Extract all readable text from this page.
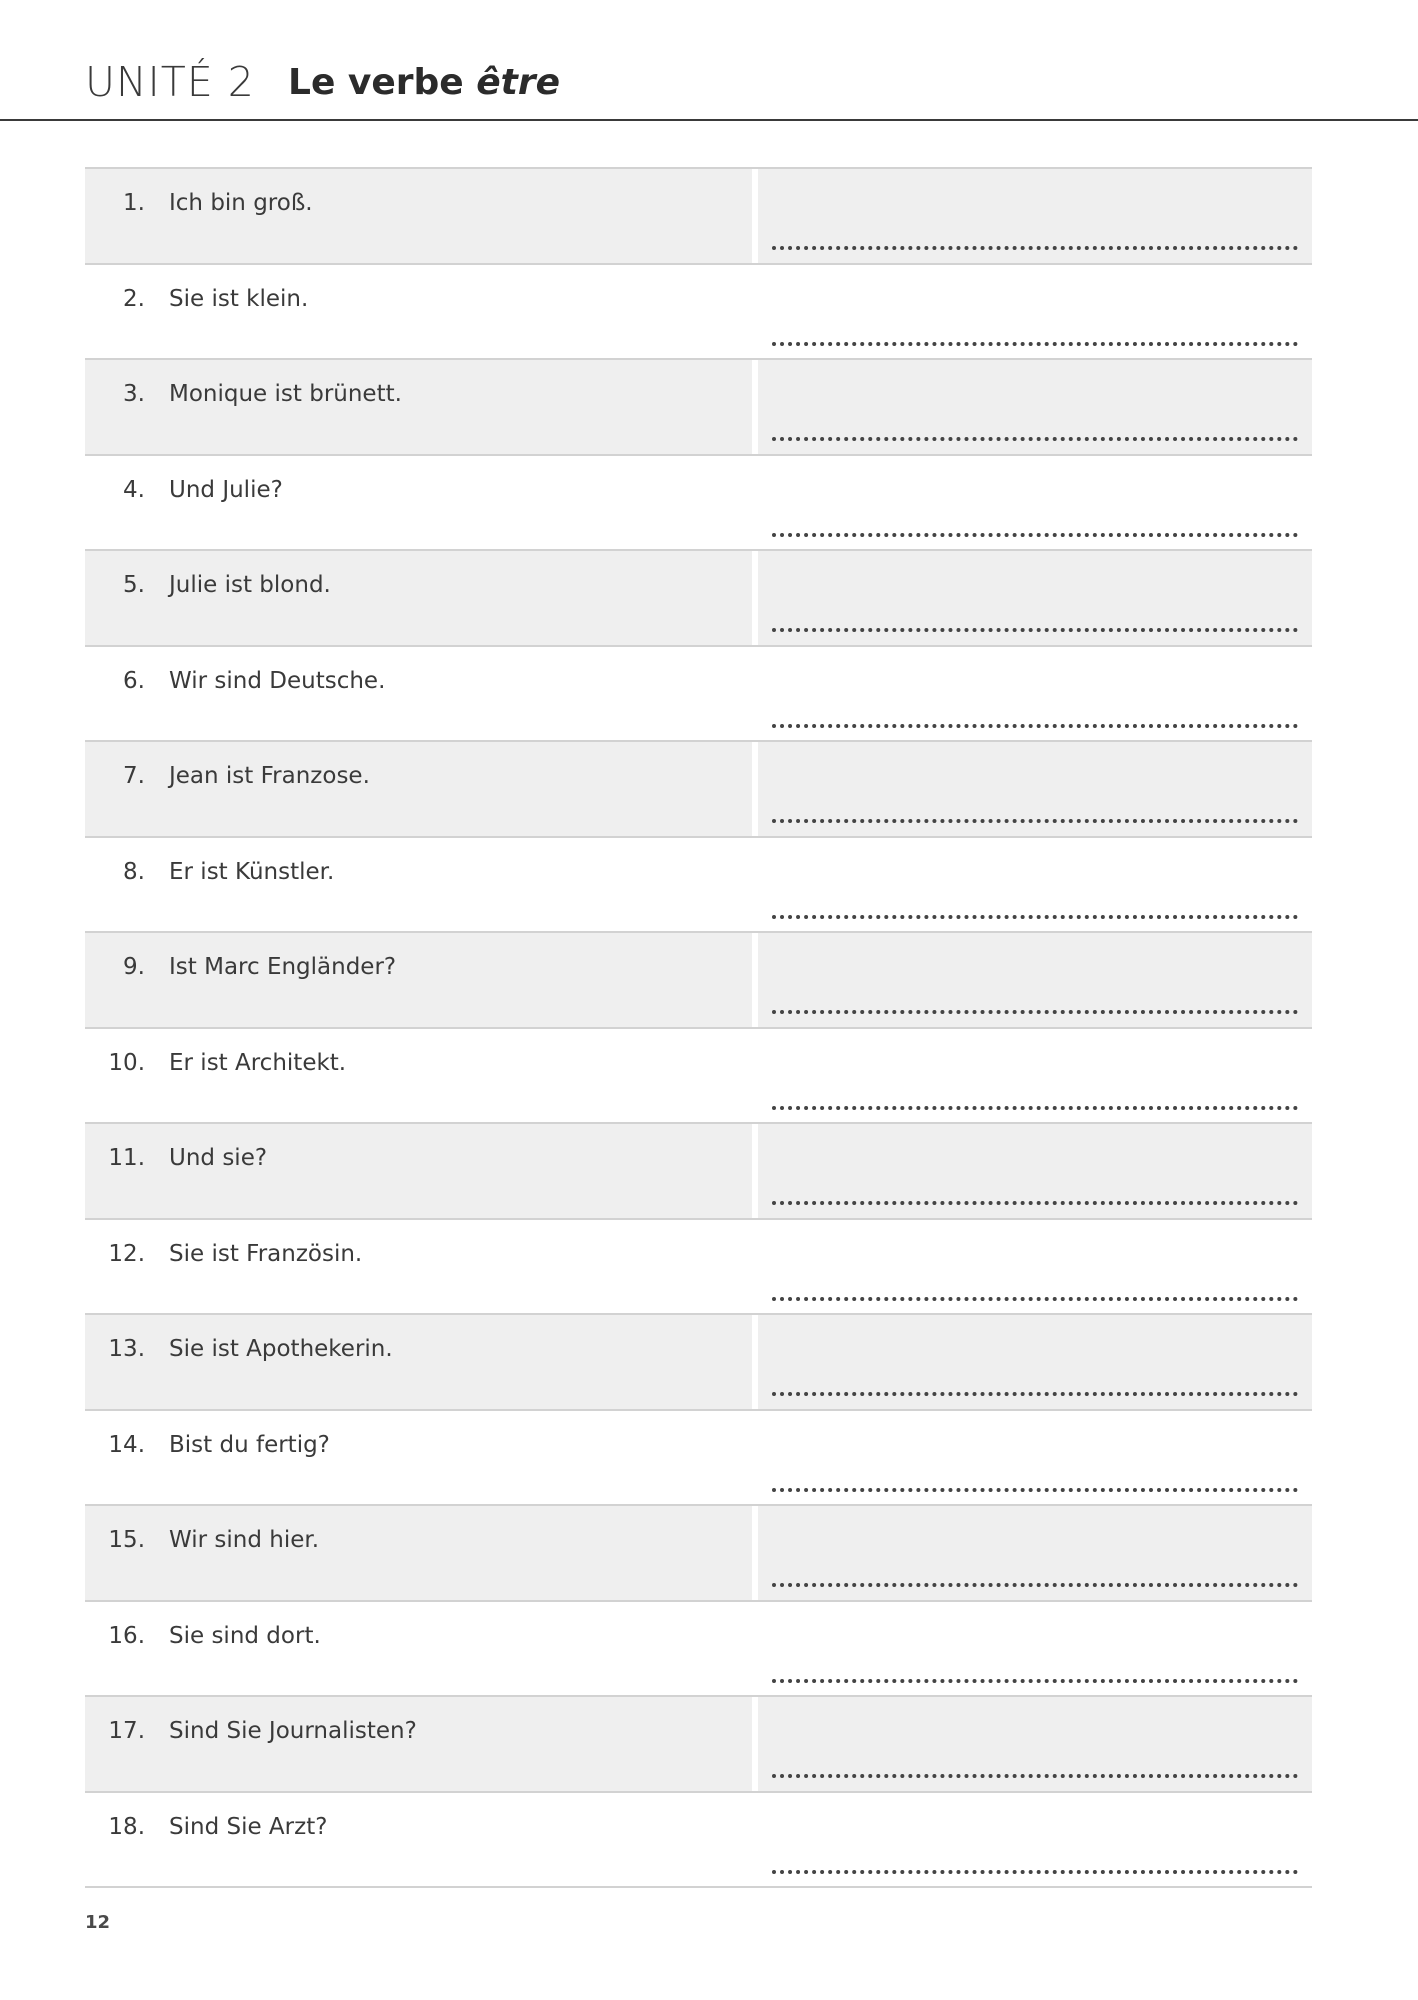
UNITÉ 2 Le verbe être
1. Ich bin groß.
2. Sie ist klein.
3. Monique ist brünett.
4. Und Julie?
5. Julie ist blond.
6. Wir sind Deutsche.
7. Jean ist Franzose.
8. Er ist Künstler.
9. Ist Marc Engländer?
10. Er ist Architekt.
11. Und sie?
12. Sie ist Französin.
13. Sie ist Apothekerin.
14. Bist du fertig?
15. Wir sind hier.
16. Sie sind dort.
17. Sind Sie Journalisten?
18. Sind Sie Arzt?
12
